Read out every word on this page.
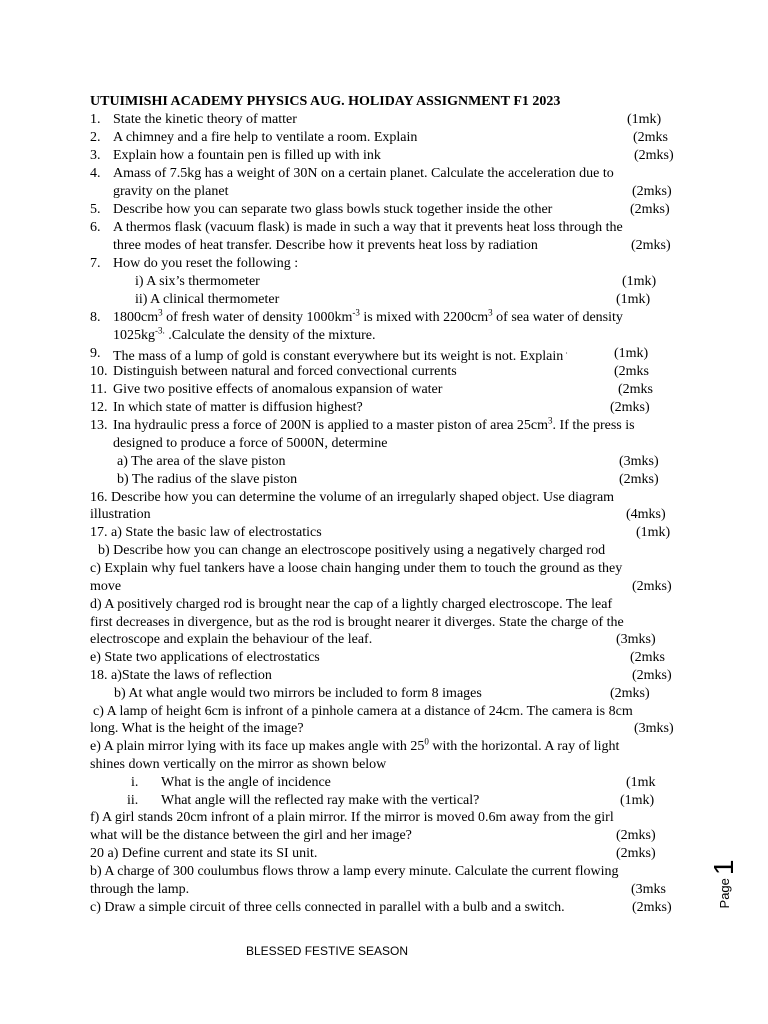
UTUIMISHI ACADEMY PHYSICS AUG. HOLIDAY ASSIGNMENT F1 2023
1. State the kinetic theory of matter	(1mk)
2. A chimney and a fire help to ventilate a room. Explain	(2mks
3. Explain how a fountain pen is filled up with ink	(2mks)
4. Amass of 7.5kg has a weight of 30N on a certain planet. Calculate the acceleration due to
gravity on the planet	(2mks)
5. Describe how you can separate two glass bowls stuck together inside the other	(2mks)
6. A thermos flask (vacuum flask) is made in such a way that it prevents heat loss through the
three modes of heat transfer. Describe how it prevents heat loss by radiation	(2mks)
7. How do you reset the following :
i) A six’s thermometer	(1mk)
ii) A clinical thermometer	(1mk)
8. $1800cm^3$ of fresh water of density $1000km^{-3}$ is mixed with $2200cm^3$ of sea water of density
$1025kg^{-3.}$ .Calculate the density of the mixture.
9. The mass of a lump of gold is constant everywhere but its weight is not. Explain ·	(1mk)
10. Distinguish between natural and forced convectional currents	(2mks
11. Give two positive effects of anomalous expansion of water	(2mks
12. In which state of matter is diffusion highest?	(2mks)
13. Ina hydraulic press a force of 200N is applied to a master piston of area $25cm^3$. If the press is
designed to produce a force of 5000N, determine
a) The area of the slave piston	(3mks)
b) The radius of the slave piston	(2mks)
16. Describe how you can determine the volume of an irregularly shaped object. Use diagram
illustration	(4mks)
17. a) State the basic law of electrostatics	(1mk)
b) Describe how you can change an electroscope positively using a negatively charged rod
c) Explain why fuel tankers have a loose chain hanging under them to touch the ground as they
move	(2mks)
d) A positively charged rod is brought near the cap of a lightly charged electroscope. The leaf
first decreases in divergence, but as the rod is brought nearer it diverges. State the charge of the
electroscope and explain the behaviour of the leaf.	(3mks)
e) State two applications of electrostatics	(2mks
18. a)State the laws of reflection	(2mks)
b) At what angle would two mirrors be included to form 8 images	(2mks)
c) A lamp of height 6cm is infront of a pinhole camera at a distance of 24cm. The camera is 8cm
long. What is the height of the image?	(3mks)
e) A plain mirror lying with its face up makes angle with $25^0$ with the horizontal. A ray of light
shines down vertically on the mirror as shown below
i. What is the angle of incidence	(1mk
ii. What angle will the reflected ray make with the vertical?	(1mk)
f) A girl stands 20cm infront of a plain mirror. If the mirror is moved 0.6m away from the girl
what will be the distance between the girl and her image?	(2mks)
20 a) Define current and state its SI unit.	(2mks)
b) A charge of 300 coulumbus flows throw a lamp every minute. Calculate the current flowing
through the lamp.	(3mks
c) Draw a simple circuit of three cells connected in parallel with a bulb and a switch.	(2mks)
BLESSED FESTIVE SEASON
Page1
